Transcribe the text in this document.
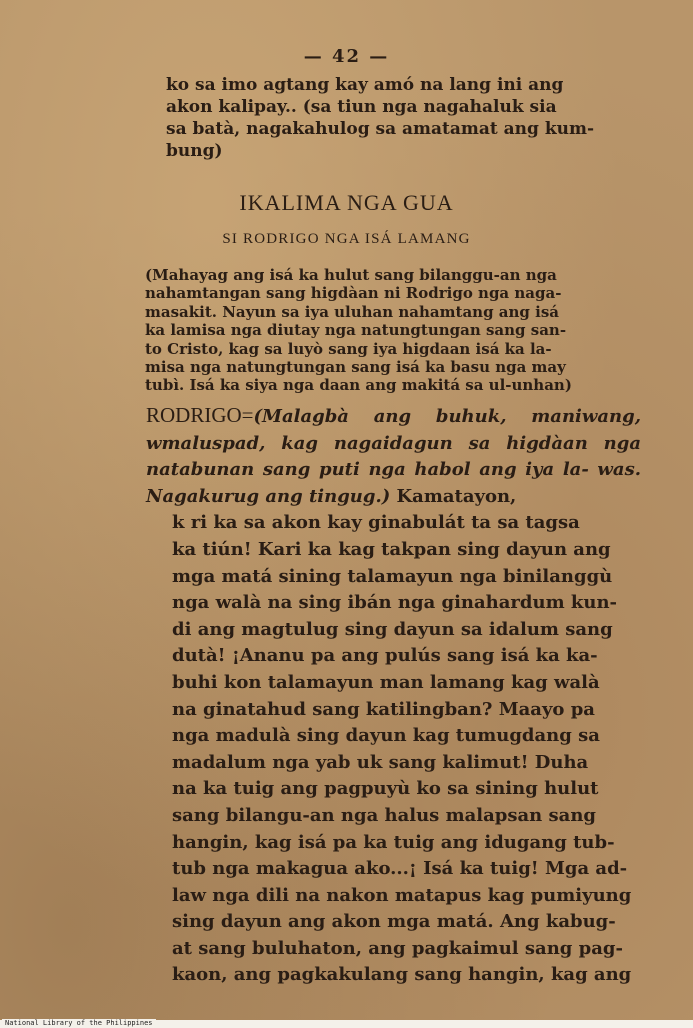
— 42 —

ko sa imo agtang kay amó na lang ini ang

akon kalipay.. (sa tiun nga nagahaluk sia

sa batà, nagakahulog sa amatamat ang kum-

bung)

IKALIMA NGA GUA
SI RODRIGO NGA ISÁ LAMANG
(Mahayag ang isá ka hulut sang bilanggu-an nga
nahamtangan sang higdàan ni Rodrigo nga naga-
masakit. Nayun sa iya uluhan nahamtang ang isá
ka lamisa nga diutay nga natungtungan sang san-
to Cristo, kag sa luyò sang iya higdaan isá ka la-
misa nga natungtungan sang isá ka basu nga may
tubì. Isá ka siya nga daan ang makitá sa ul-unhan)
RODRIGO=(Malagbà ang buhuk, maniwang, wmaluspad, kag nagaidagun sa higdàan nga natabunan sang puti nga habol ang iya la- was. Nagakurug ang tingug.) Kamatayon,
k ri ka sa akon kay ginabulát ta sa tagsa
ka tiún! Kari ka kag takpan sing dayun ang
mga matá sining talamayun nga binilanggù
nga walà na sing ibán nga ginahardum kun-
di ang magtulug sing dayun sa idalum sang
dutà! ¡Ananu pa ang pulús sang isá ka ka-
buhi kon talamayun man lamang kag walà
na ginatahud sang katilingban? Maayo pa
nga madulà sing dayun kag tumugdang sa
madalum nga yab uk sang kalimut! Duha
na ka tuig ang pagpuyù ko sa sining hulut
sang bilangu-an nga halus malapsan sang
hangin, kag isá pa ka tuig ang idugang tub-
tub nga makagua ako...¡ Isá ka tuig! Mga ad-
law nga dili na nakon matapus kag pumiyung
sing dayun ang akon mga matá. Ang kabug-
at sang buluhaton, ang pagkaimul sang pag-
kaon, ang pagkakulang sang hangin, kag ang
National Library of the Philippines
